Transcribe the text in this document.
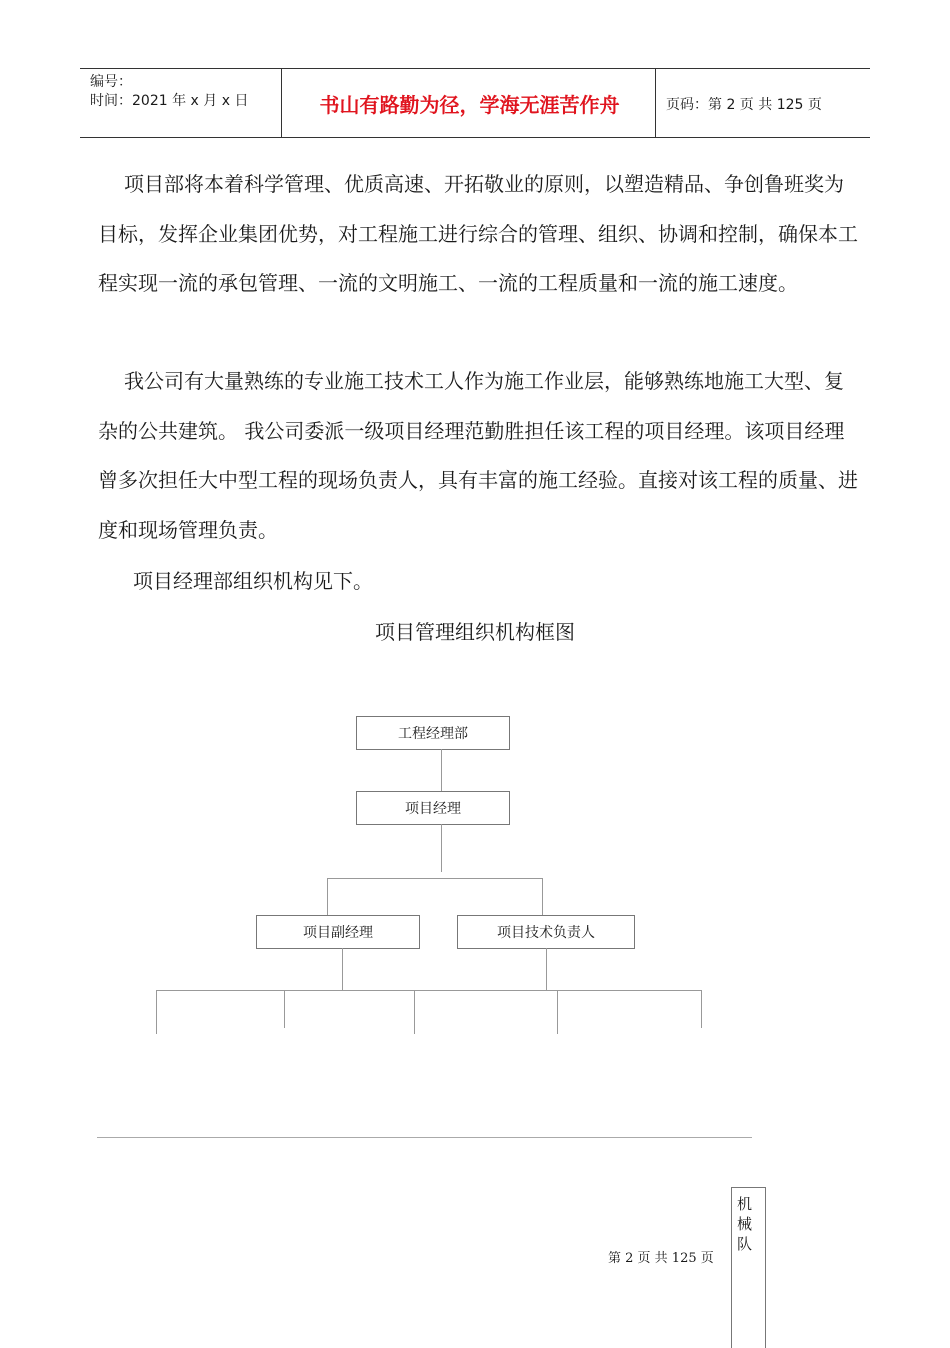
编号：
时间：2021 年 x 月 x 日	书山有路勤为径，学海无涯苦作舟	页码：第 2 页 共 125 页

项目部将本着科学管理、优质高速、开拓敬业的原则，以塑造精品、争创鲁班奖为目标，发挥企业集团优势，对工程施工进行综合的管理、组织、协调和控制，确保本工程实现一流的承包管理、一流的文明施工、一流的工程质量和一流的施工速度。

我公司有大量熟练的专业施工技术工人作为施工作业层，能够熟练地施工大型、复杂的公共建筑。 我公司委派一级项目经理范勤胜担任该工程的项目经理。该项目经理曾多次担任大中型工程的现场负责人，具有丰富的施工经验。直接对该工程的质量、进度和现场管理负责。

项目经理部组织机构见下。
项目管理组织机构框图
工程经理部
项目经理
项目副经理	项目技术负责人
第 2 页 共 125 页
机械队
